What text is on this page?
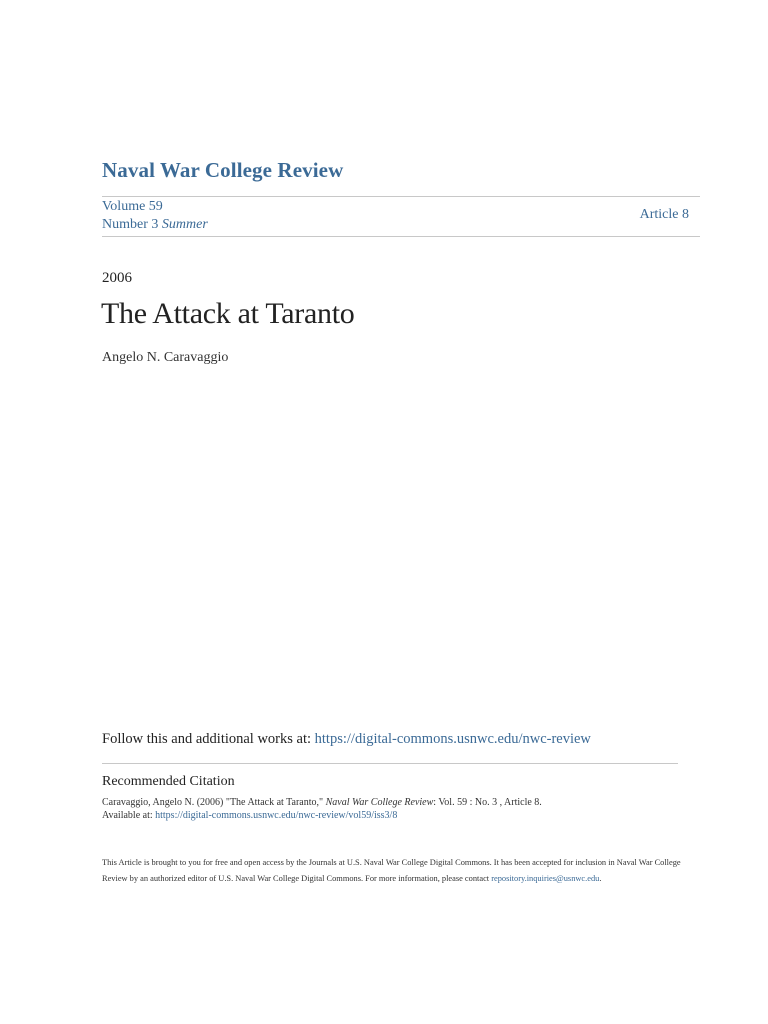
Naval War College Review
Volume 59
Number 3 Summer
Article 8
2006
The Attack at Taranto
Angelo N. Caravaggio
Follow this and additional works at: https://digital-commons.usnwc.edu/nwc-review
Recommended Citation
Caravaggio, Angelo N. (2006) "The Attack at Taranto," Naval War College Review: Vol. 59 : No. 3 , Article 8.
Available at: https://digital-commons.usnwc.edu/nwc-review/vol59/iss3/8
This Article is brought to you for free and open access by the Journals at U.S. Naval War College Digital Commons. It has been accepted for inclusion in Naval War College Review by an authorized editor of U.S. Naval War College Digital Commons. For more information, please contact repository.inquiries@usnwc.edu.
